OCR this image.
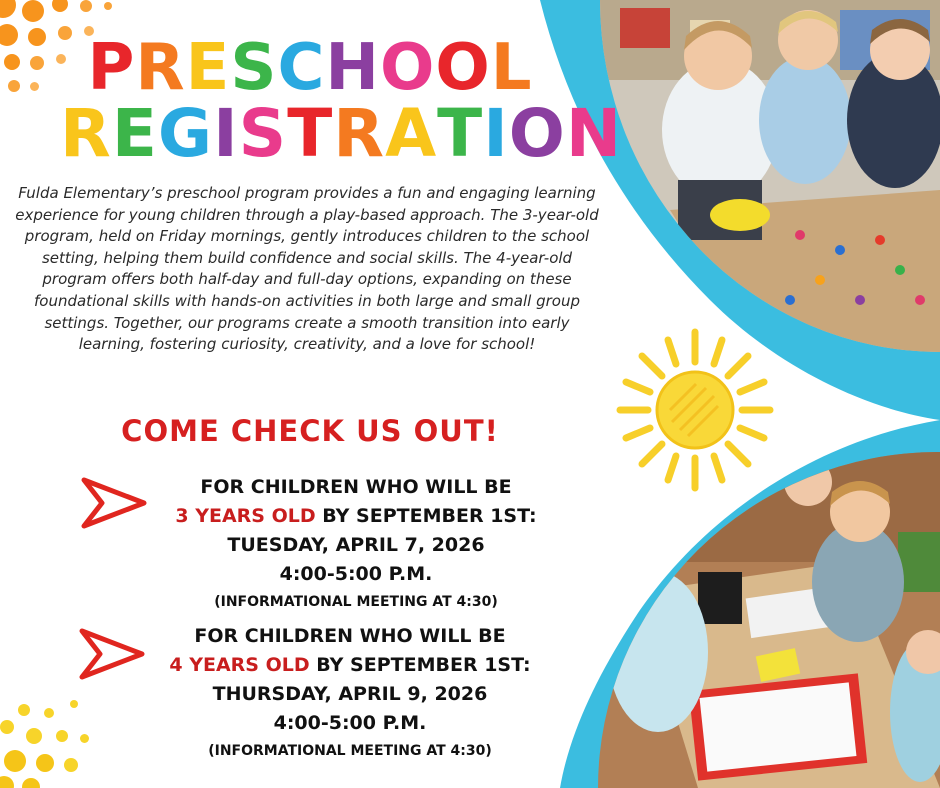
PRESCHOOL
REGISTRATION

Fulda Elementary’s preschool program provides a fun and engaging learning experience for young children through a play-based approach. The 3-year-old program, held on Friday mornings, gently introduces children to the school setting, helping them build confidence and social skills. The 4-year-old program offers both half-day and full-day options, expanding on these foundational skills with hands-on activities in both large and small group settings. Together, our programs create a smooth transition into early learning, fostering curiosity, creativity, and a love for school!

COME CHECK US OUT!
FOR CHILDREN WHO WILL BE
3 YEARS OLD BY SEPTEMBER 1ST:
TUESDAY, APRIL 7, 2026
4:00-5:00 P.M.
(INFORMATIONAL MEETING AT 4:30)
FOR CHILDREN WHO WILL BE
4 YEARS OLD BY SEPTEMBER 1ST:
THURSDAY, APRIL 9, 2026
4:00-5:00 P.M.
(INFORMATIONAL MEETING AT 4:30)
